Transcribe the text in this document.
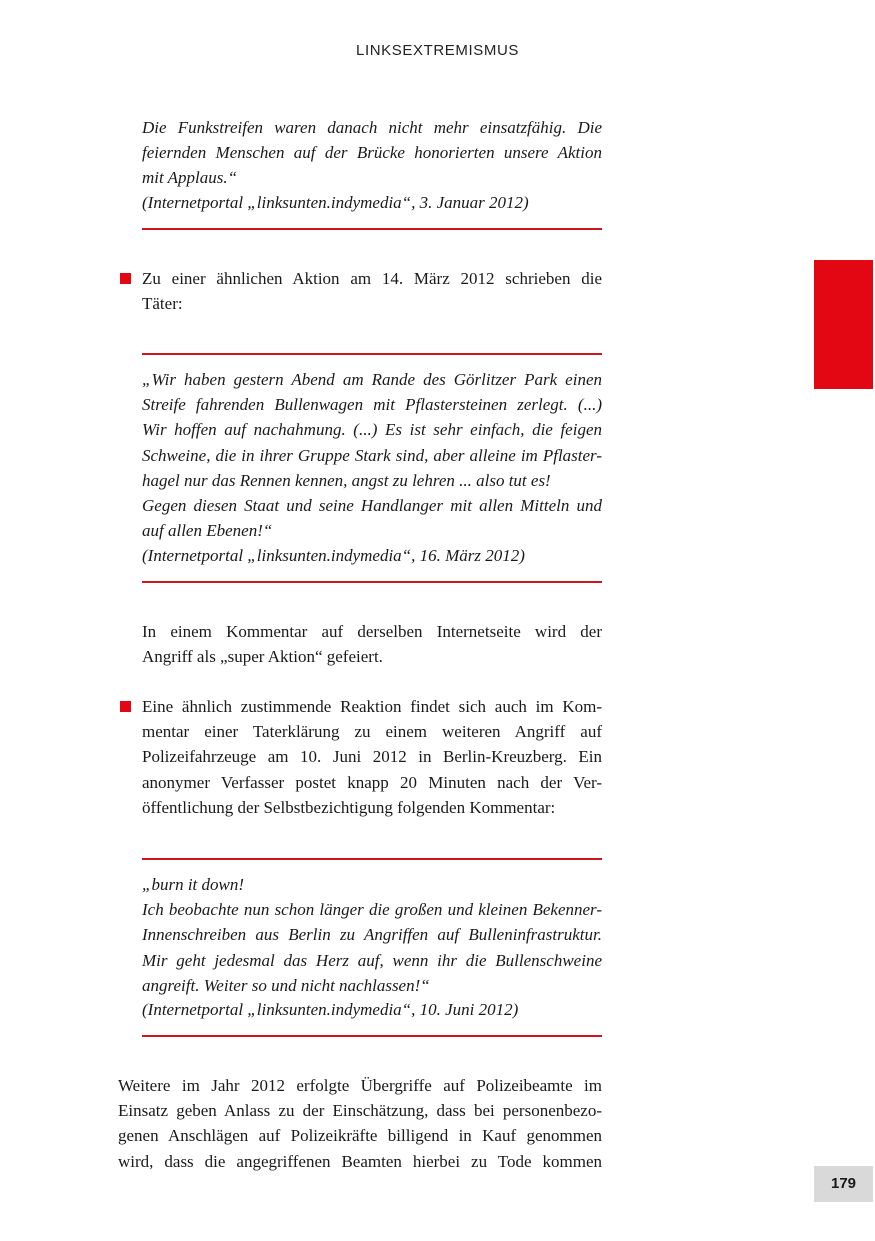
LINKSEXTREMISMUS
Die Funkstreifen waren danach nicht mehr einsatzfähig. Die
feiernden Menschen auf der Brücke honorierten unsere Aktion
mit Applaus.“
(Internetportal „linksunten.indymedia“, 3. Januar 2012)
Zu einer ähnlichen Aktion am 14. März 2012 schrieben die
Täter:
„Wir haben gestern Abend am Rande des Görlitzer Park einen
Streife fahrenden Bullenwagen mit Pflastersteinen zerlegt. (...)
Wir hoffen auf nachahmung. (...) Es ist sehr einfach, die feigen
Schweine, die in ihrer Gruppe Stark sind, aber alleine im Pflaster-
hagel nur das Rennen kennen, angst zu lehren ... also tut es!
Gegen diesen Staat und seine Handlanger mit allen Mitteln und
auf allen Ebenen!“
(Internetportal „linksunten.indymedia“, 16. März 2012)
In einem Kommentar auf derselben Internetseite wird der
Angriff als „super Aktion“ gefeiert.
Eine ähnlich zustimmende Reaktion findet sich auch im Kom-
mentar einer Taterklärung zu einem weiteren Angriff auf
Polizeifahrzeuge am 10. Juni 2012 in Berlin-Kreuzberg. Ein
anonymer Verfasser postet knapp 20 Minuten nach der Ver-
öffentlichung der Selbstbezichtigung folgenden Kommentar:
„burn it down!
Ich beobachte nun schon länger die großen und kleinen Bekenner-
Innenschreiben aus Berlin zu Angriffen auf Bulleninfrastruktur.
Mir geht jedesmal das Herz auf, wenn ihr die Bullenschweine
angreift. Weiter so und nicht nachlassen!“
(Internetportal „linksunten.indymedia“, 10. Juni 2012)
Weitere im Jahr 2012 erfolgte Übergriffe auf Polizeibeamte im
Einsatz geben Anlass zu der Einschätzung, dass bei personenbezo-
genen Anschlägen auf Polizeikräfte billigend in Kauf genommen
wird, dass die angegriffenen Beamten hierbei zu Tode kommen
179
